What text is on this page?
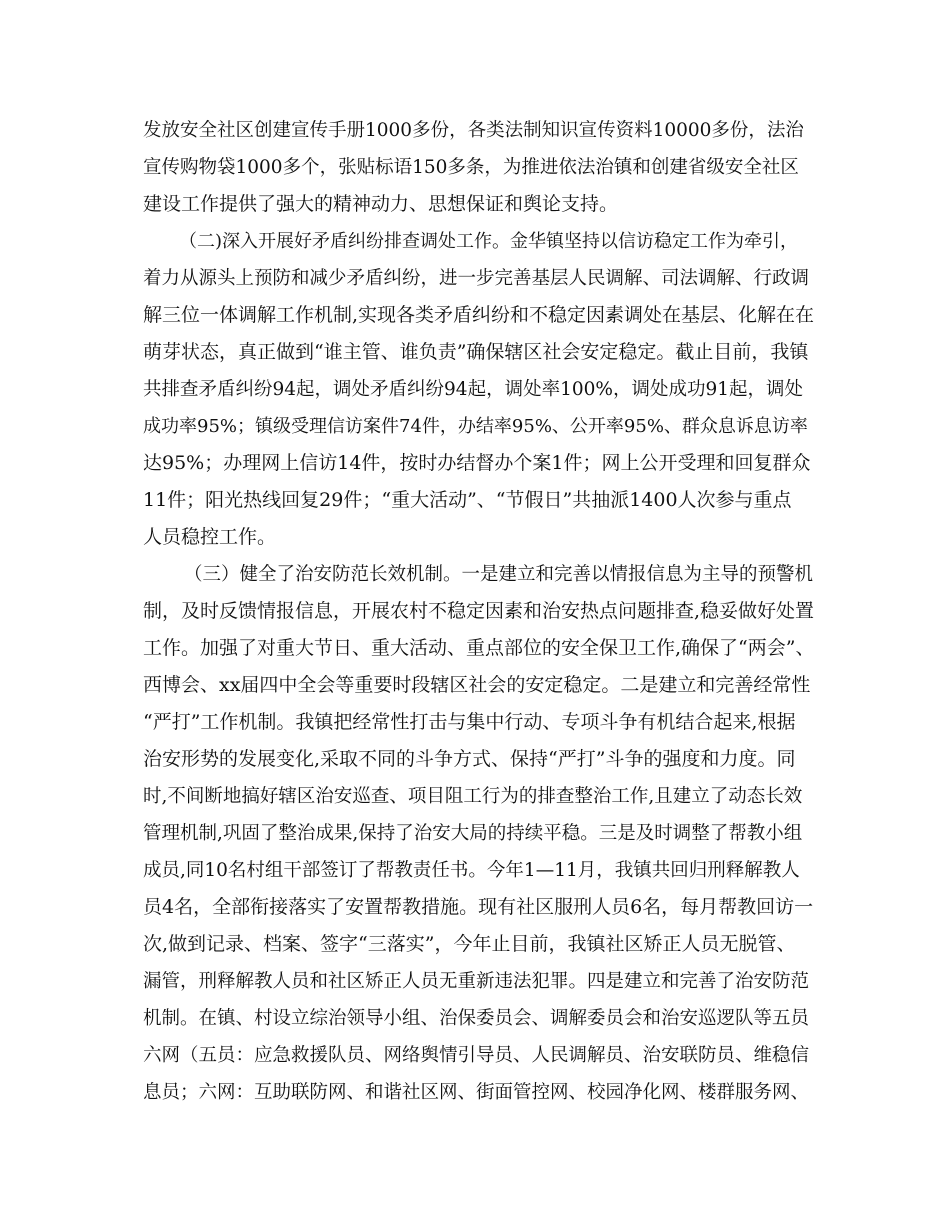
发放安全社区创建宣传手册1000多份，各类法制知识宣传资料10000多份，法治
宣传购物袋1000多个，张贴标语150多条，为推进依法治镇和创建省级安全社区
建设工作提供了强大的精神动力、思想保证和舆论支持。
（二)深入开展好矛盾纠纷排查调处工作。金华镇坚持以信访稳定工作为牵引，
着力从源头上预防和减少矛盾纠纷，进一步完善基层人民调解、司法调解、行政调
解三位一体调解工作机制,实现各类矛盾纠纷和不稳定因素调处在基层、化解在在
萌芽状态，真正做到“谁主管、谁负责”确保辖区社会安定稳定。截止目前，我镇
共排查矛盾纠纷94起，调处矛盾纠纷94起，调处率100%，调处成功91起，调处
成功率95%；镇级受理信访案件74件，办结率95%、公开率95%、群众息诉息访率
达95%；办理网上信访14件，按时办结督办个案1件；网上公开受理和回复群众
11件；阳光热线回复29件；“重大活动”、“节假日”共抽派1400人次参与重点
人员稳控工作。
（三）健全了治安防范长效机制。一是建立和完善以情报信息为主导的预警机
制，及时反馈情报信息，开展农村不稳定因素和治安热点问题排查,稳妥做好处置
工作。加强了对重大节日、重大活动、重点部位的安全保卫工作,确保了“两会”、
西博会、xx届四中全会等重要时段辖区社会的安定稳定。二是建立和完善经常性
“严打”工作机制。我镇把经常性打击与集中行动、专项斗争有机结合起来,根据
治安形势的发展变化,采取不同的斗争方式、保持“严打”斗争的强度和力度。同
时,不间断地搞好辖区治安巡查、项目阻工行为的排查整治工作,且建立了动态长效
管理机制,巩固了整治成果,保持了治安大局的持续平稳。三是及时调整了帮教小组
成员,同10名村组干部签订了帮教责任书。今年1—11月，我镇共回归刑释解教人
员4名，全部衔接落实了安置帮教措施。现有社区服刑人员6名，每月帮教回访一
次,做到记录、档案、签字“三落实”，今年止目前，我镇社区矫正人员无脱管、
漏管，刑释解教人员和社区矫正人员无重新违法犯罪。四是建立和完善了治安防范
机制。在镇、村设立综治领导小组、治保委员会、调解委员会和治安巡逻队等五员
六网（五员：应急救援队员、网络舆情引导员、人民调解员、治安联防员、维稳信
息员；六网：互助联防网、和谐社区网、街面管控网、校园净化网、楼群服务网、
